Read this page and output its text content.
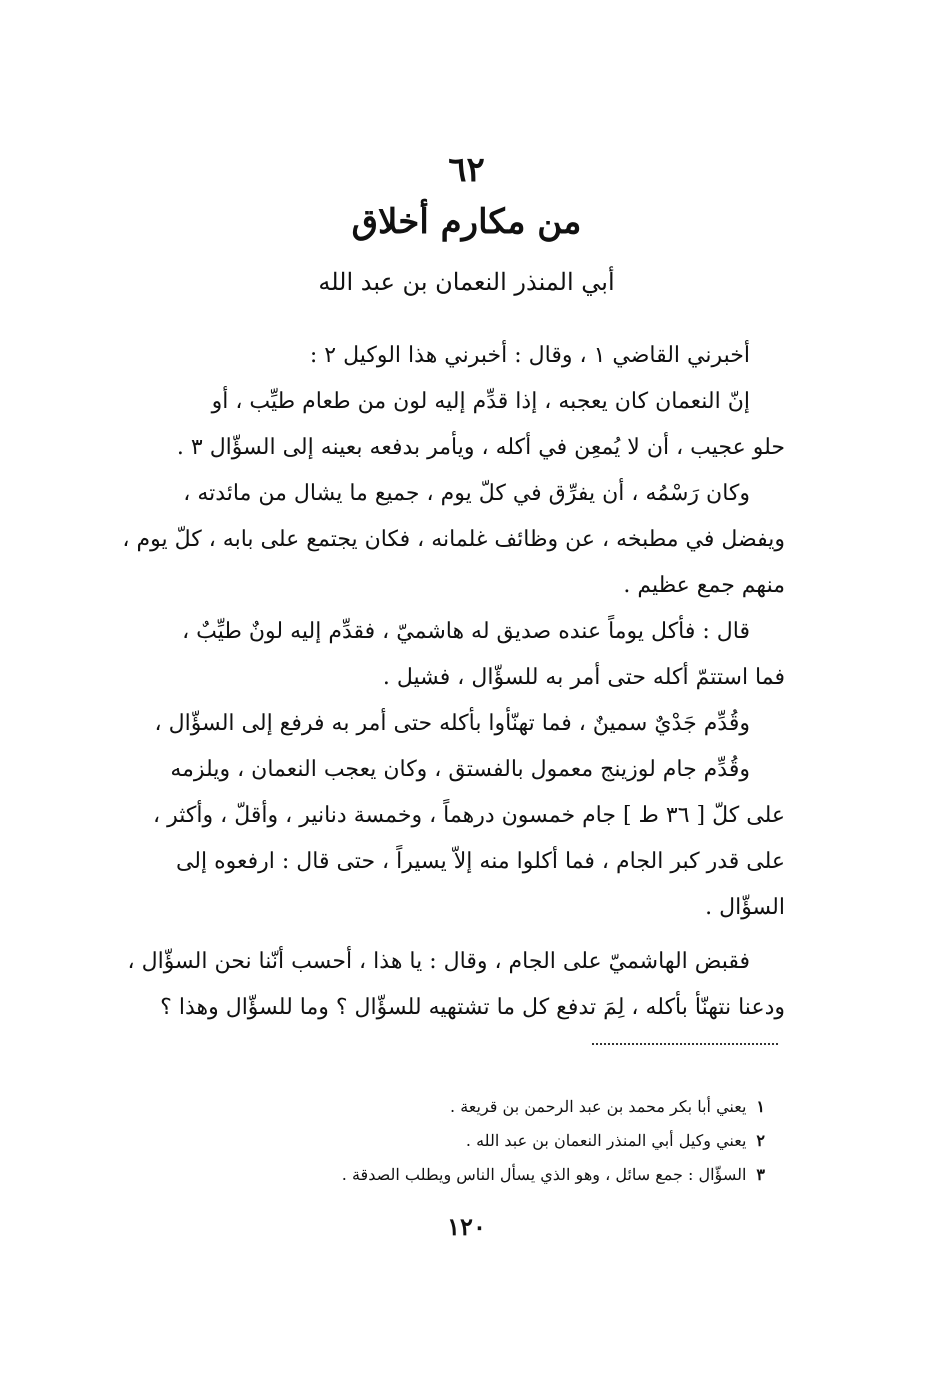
٦٢
من مكارم أخلاق
أبي المنذر النعمان بن عبد الله

أخبرني القاضي ١ ، وقال : أخبرني هذا الوكيل ٢ :

إنّ النعمان كان يعجبه ، إذا قدِّم إليه لون من طعام طيِّب ، أو

حلو عجيب ، أن لا يُمعِن في أكله ، ويأمر بدفعه بعينه إلى السؤّال ٣ .

وكان رَسْمُه ، أن يفرِّق في كلّ يوم ، جميع ما يشال من مائدته ،

ويفضل في مطبخه ، عن وظائف غلمانه ، فكان يجتمع على بابه ، كلّ يوم ،

منهم جمع عظيم .

قال : فأكل يوماً عنده صديق له هاشميّ ، فقدِّم إليه لونٌ طيِّبٌ ،

فما استتمّ أكله حتى أمر به للسؤّال ، فشيل .

وقُدِّم جَدْيٌ سمينٌ ، فما تهنّأوا بأكله حتى أمر به فرفع إلى السؤّال ،

وقُدِّم جام لوزينج معمول بالفستق ، وكان يعجب النعمان ، ويلزمه

على كلّ [ ٣٦ ط ] جام خمسون درهماً ، وخمسة دنانير ، وأقلّ ، وأكثر ،

على قدر كبر الجام ، فما أكلوا منه إلاّ يسيراً ، حتى قال : ارفعوه إلى

السؤّال .

فقبض الهاشميّ على الجام ، وقال : يا هذا ، أحسب أنّنا نحن السؤّال ،

ودعنا نتهنّأ بأكله ، لِمَ تدفع كل ما تشتهيه للسؤّال ؟ وما للسؤّال وهذا ؟

١يعني أبا بكر محمد بن عبد الرحمن بن قريعة .
٢يعني وكيل أبي المنذر النعمان بن عبد الله .
٣السؤّال : جمع سائل ، وهو الذي يسأل الناس ويطلب الصدقة .
١٢٠
